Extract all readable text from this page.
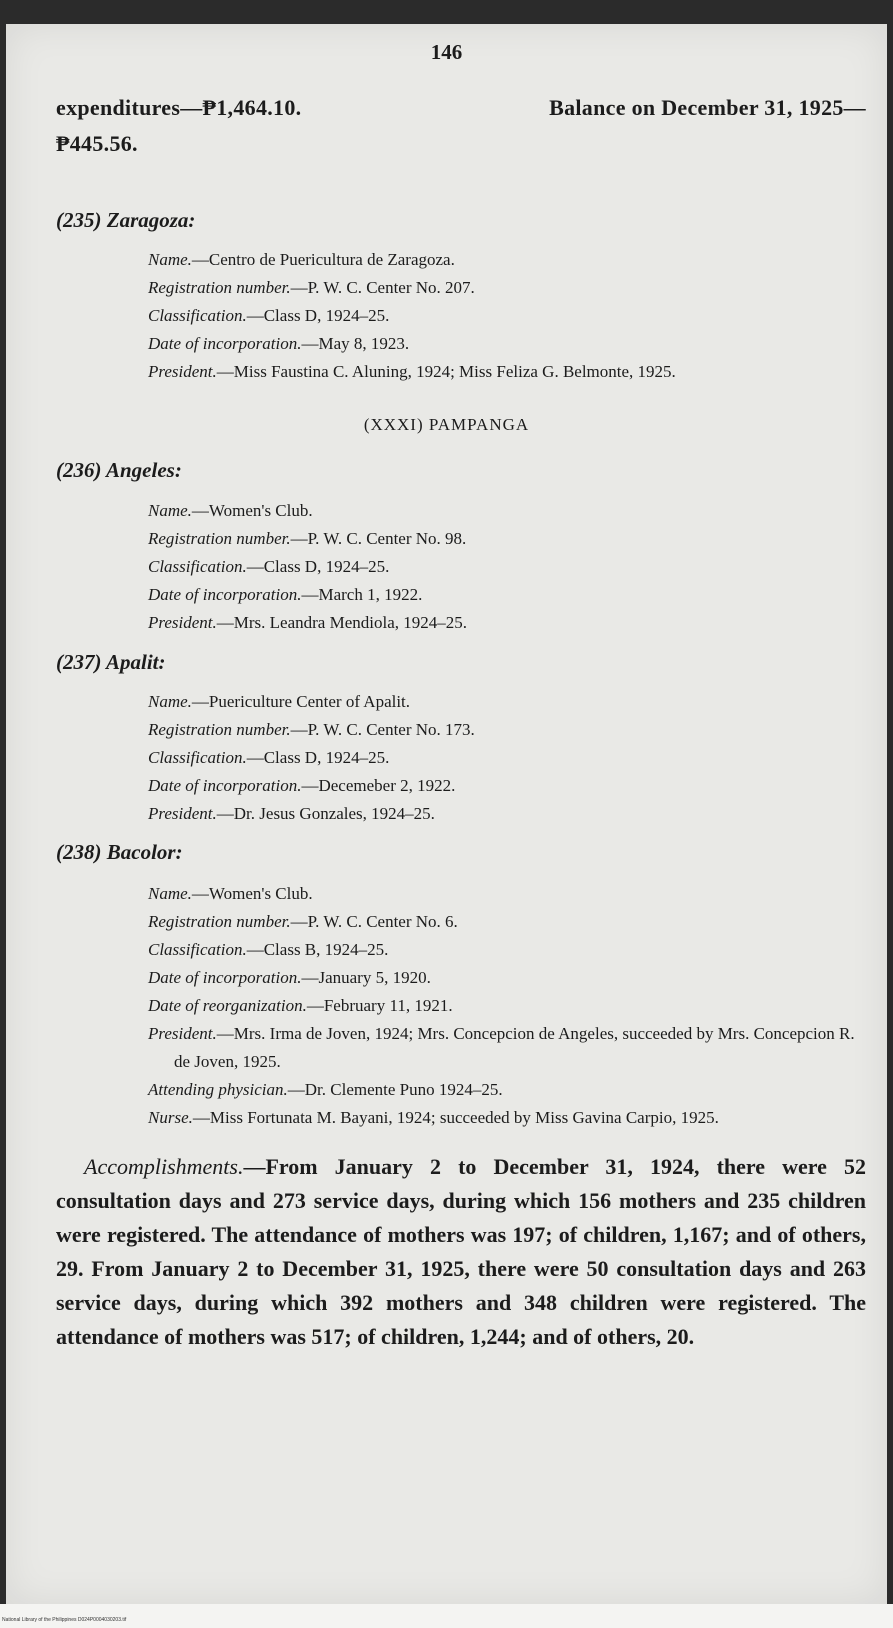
National Library of the Philippines D024P0004030203.tif
146
expenditures—₱1,464.10.	Balance on December 31, 1925—
₱445.56.
(235) Zaragoza:
Name.—Centro de Puericultura de Zaragoza.
Registration number.—P. W. C. Center No. 207.
Classification.—Class D, 1924–25.
Date of incorporation.—May 8, 1923.
President.—Miss Faustina C. Aluning, 1924; Miss Feliza G. Belmonte, 1925.
(XXXI) PAMPANGA
(236) Angeles:
Name.—Women's Club.
Registration number.—P. W. C. Center No. 98.
Classification.—Class D, 1924–25.
Date of incorporation.—March 1, 1922.
President.—Mrs. Leandra Mendiola, 1924–25.
(237) Apalit:
Name.—Puericulture Center of Apalit.
Registration number.—P. W. C. Center No. 173.
Classification.—Class D, 1924–25.
Date of incorporation.—Decemeber 2, 1922.
President.—Dr. Jesus Gonzales, 1924–25.
(238) Bacolor:
Name.—Women's Club.
Registration number.—P. W. C. Center No. 6.
Classification.—Class B, 1924–25.
Date of incorporation.—January 5, 1920.
Date of reorganization.—February 11, 1921.
President.—Mrs. Irma de Joven, 1924; Mrs. Concepcion de Angeles, succeeded by Mrs. Concepcion R. de Joven, 1925.
Attending physician.—Dr. Clemente Puno 1924–25.
Nurse.—Miss Fortunata M. Bayani, 1924; succeeded by Miss Gavina Carpio, 1925.
Accomplishments.—From January 2 to December 31, 1924, there were 52 consultation days and 273 service days, during which 156 mothers and 235 children were registered. The attendance of mothers was 197; of children, 1,167; and of others, 29. From January 2 to December 31, 1925, there were 50 consultation days and 263 service days, during which 392 mothers and 348 children were registered. The attendance of mothers was 517; of children, 1,244; and of others, 20.
